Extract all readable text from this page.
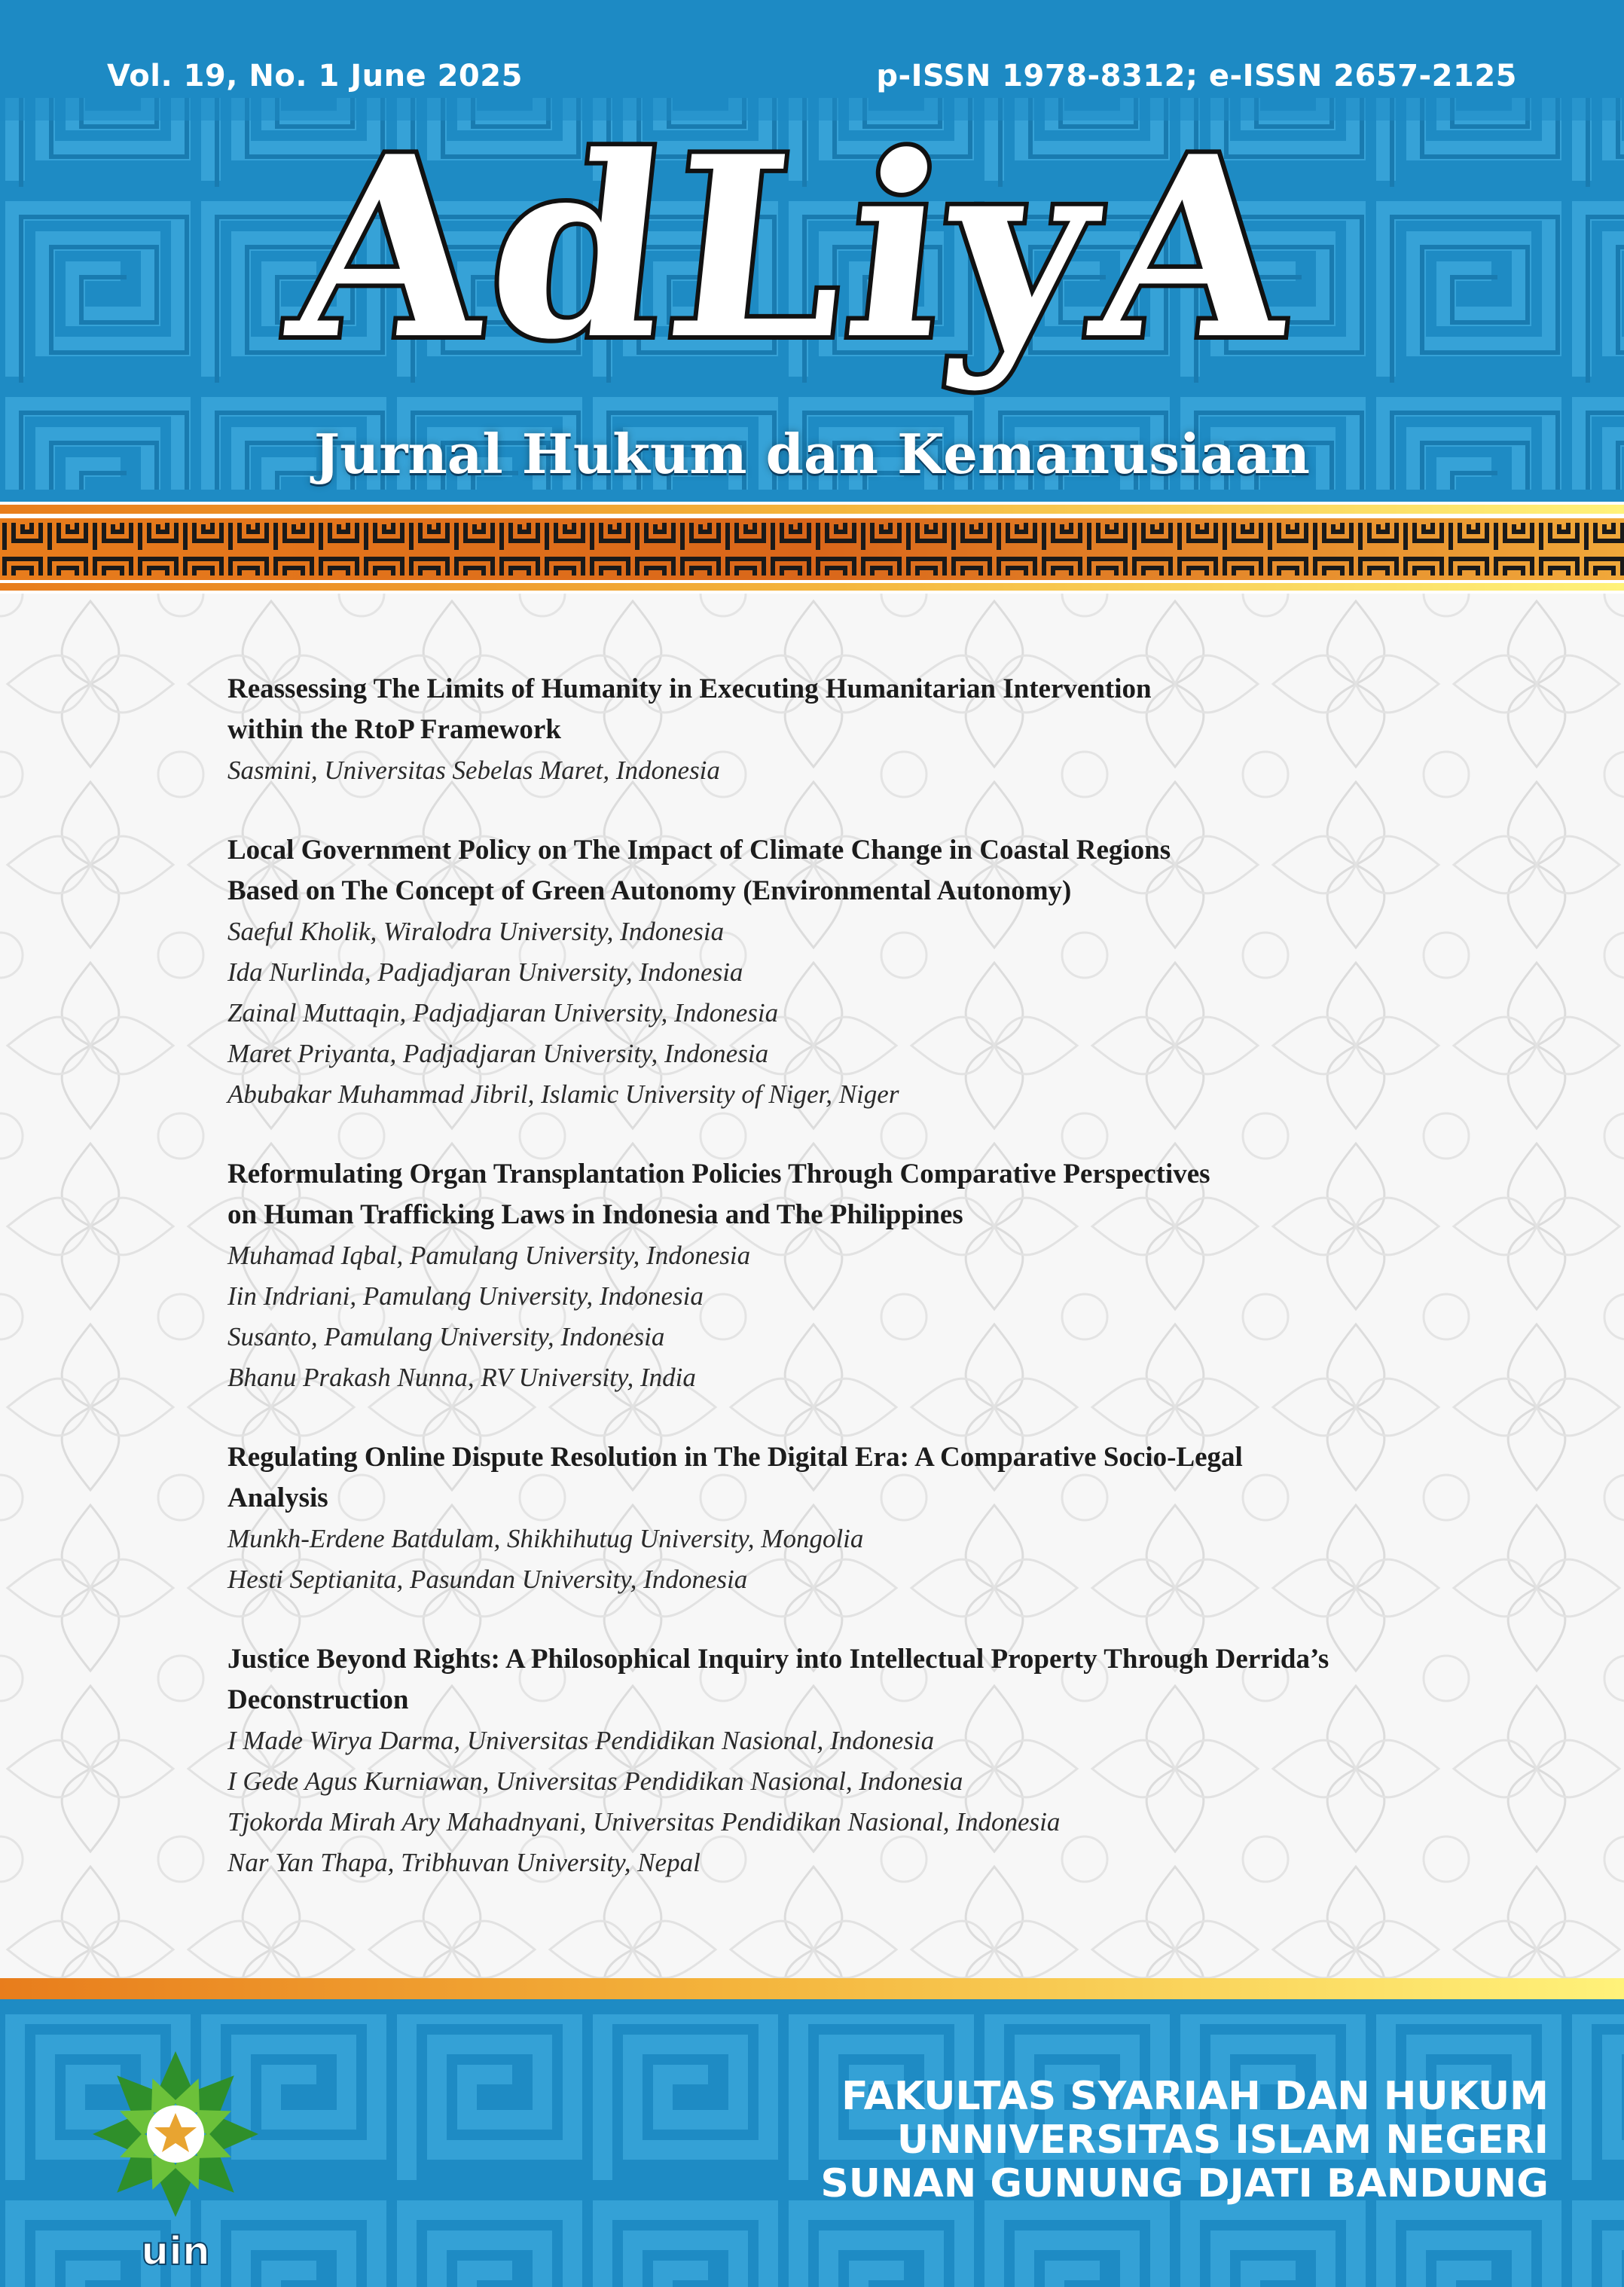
Vol. 19, No. 1 June 2025	p-ISSN 1978-8312; e-ISSN 2657-2125
AdLiyA
Jurnal Hukum dan Kemanusiaan
Reassessing The Limits of Humanity in Executing Humanitarian Intervention
within the RtoP Framework
Sasmini, Universitas Sebelas Maret, Indonesia
Local Government Policy on The Impact of Climate Change in Coastal Regions
Based on The Concept of Green Autonomy (Environmental Autonomy)
Saeful Kholik, Wiralodra University, Indonesia
Ida Nurlinda, Padjadjaran University, Indonesia
Zainal Muttaqin, Padjadjaran University, Indonesia
Maret Priyanta, Padjadjaran University, Indonesia
Abubakar Muhammad Jibril, Islamic University of Niger, Niger
Reformulating Organ Transplantation Policies Through Comparative Perspectives
on Human Trafficking Laws in Indonesia and The Philippines
Muhamad Iqbal, Pamulang University, Indonesia
Iin Indriani, Pamulang University, Indonesia
Susanto, Pamulang University, Indonesia
Bhanu Prakash Nunna, RV University, India
Regulating Online Dispute Resolution in The Digital Era: A Comparative Socio-Legal
Analysis
Munkh-Erdene Batdulam, Shikhihutug University, Mongolia
Hesti Septianita, Pasundan University, Indonesia
Justice Beyond Rights: A Philosophical Inquiry into Intellectual Property Through Derrida’s
Deconstruction
I Made Wirya Darma, Universitas Pendidikan Nasional, Indonesia
I Gede Agus Kurniawan, Universitas Pendidikan Nasional, Indonesia
Tjokorda Mirah Ary Mahadnyani, Universitas Pendidikan Nasional, Indonesia
Nar Yan Thapa, Tribhuvan University, Nepal
uin
FAKULTAS SYARIAH DAN HUKUM
UNNIVERSITAS ISLAM NEGERI
SUNAN GUNUNG DJATI BANDUNG
